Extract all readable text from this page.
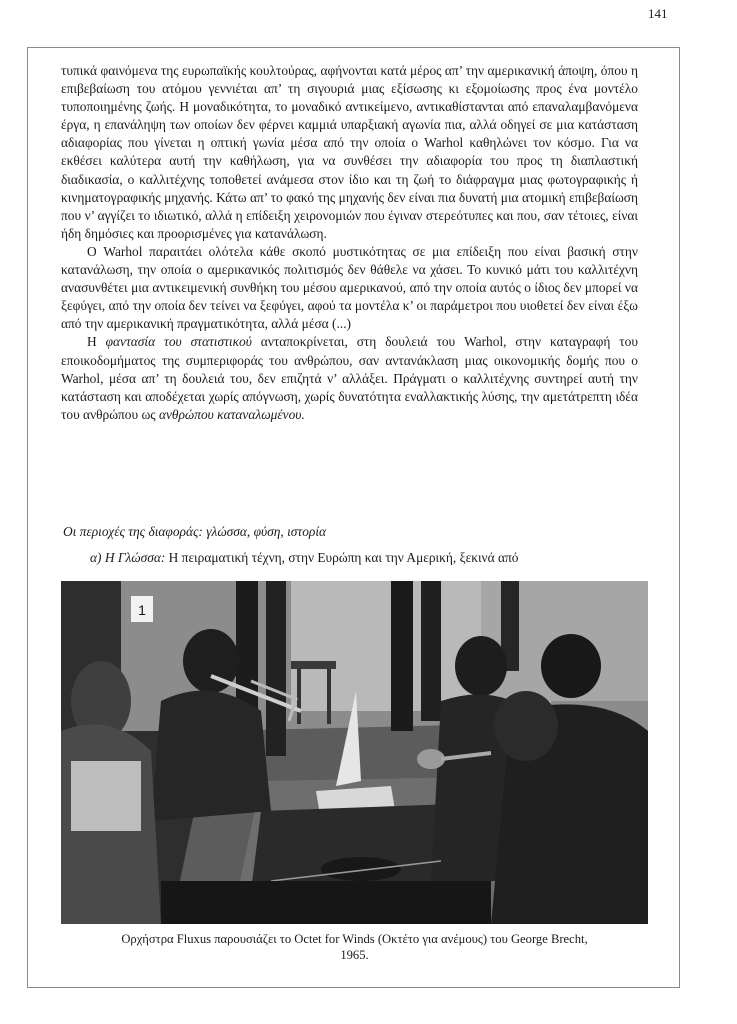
141

τυπικά φαινόμενα της ευρωπαϊκής κουλτούρας, αφήνονται κατά μέρος απ’ την αμερικανική άποψη, όπου η επιβεβαίωση του ατόμου γεννιέται απ’ τη σιγουριά μιας εξίσωσης κι εξομοίωσης προς ένα μοντέλο τυποποιημένης ζωής. Η μοναδικότητα, το μοναδικό αντικείμενο, αντικαθίστανται από επαναλαμβανόμενα έργα, η επανάληψη των οποίων δεν φέρνει καμμιά υπαρξιακή αγωνία πια, αλλά οδηγεί σε μια κατάσταση αδιαφορίας που γίνεται η οπτική γωνία μέσα από την οποία ο Warhol καθηλώνει τον κόσμο. Για να εκθέσει καλύτερα αυτή την καθήλωση, για να συνθέσει την αδιαφορία του προς τη διαπλαστική διαδικασία, ο καλλιτέχνης τοποθετεί ανάμεσα στον ίδιο και τη ζωή το διάφραγμα μιας φωτογραφικής ή κινηματογραφικής μηχανής. Κάτω απ’ το φακό της μηχανής δεν είναι πια δυνατή μια ατομική επιβεβαίωση που ν’ αγγίζει το ιδιωτικό, αλλά η επίδειξη χειρονομιών που έγιναν στερεότυπες και που, σαν τέτοιες, είναι ήδη δημόσιες και προορισμένες για κατανάλωση.

Ο Warhol παραιτάει ολότελα κάθε σκοπό μυστικότητας σε μια επίδειξη που είναι βασική στην κατανάλωση, την οποία ο αμερικανικός πολιτισμός δεν θάθελε να χάσει. Το κυνικό μάτι του καλλιτέχνη ανασυνθέτει μια αντικειμενική συνθήκη του μέσου αμερικανού, από την οποία αυτός ο ίδιος δεν μπορεί να ξεφύγει, από την οποία δεν τείνει να ξεφύγει, αφού τα μοντέλα κ’ οι παράμετροι που υιοθετεί δεν είναι έξω από την αμερικανική πραγματικότητα, αλλά μέσα (...)

Η φαντασία του στατιστικού ανταποκρίνεται, στη δουλειά του Warhol, στην καταγραφή του εποικοδομήματος της συμπεριφοράς του ανθρώπου, σαν αντανάκλαση μιας οικονομικής δομής που ο Warhol, μέσα απ’ τη δουλειά του, δεν επιζητά ν’ αλλάξει. Πράγματι ο καλλιτέχνης συντηρεί αυτή την κατάσταση και αποδέχεται χωρίς απόγνωση, χωρίς δυνατότητα εναλλακτικής λύσης, την αμετάτρεπτη ιδέα του ανθρώπου ως ανθρώπου καταναλωμένου.

Οι περιοχές της διαφοράς: γλώσσα, φύση, ιστορία
α) Η Γλώσσα: Η πειραματική τέχνη, στην Ευρώπη και την Αμερική, ξεκινά από
1
Ορχήστρα Fluxus παρουσιάζει το Octet for Winds (Οκτέτο για ανέμους) του George Brecht,
1965.
